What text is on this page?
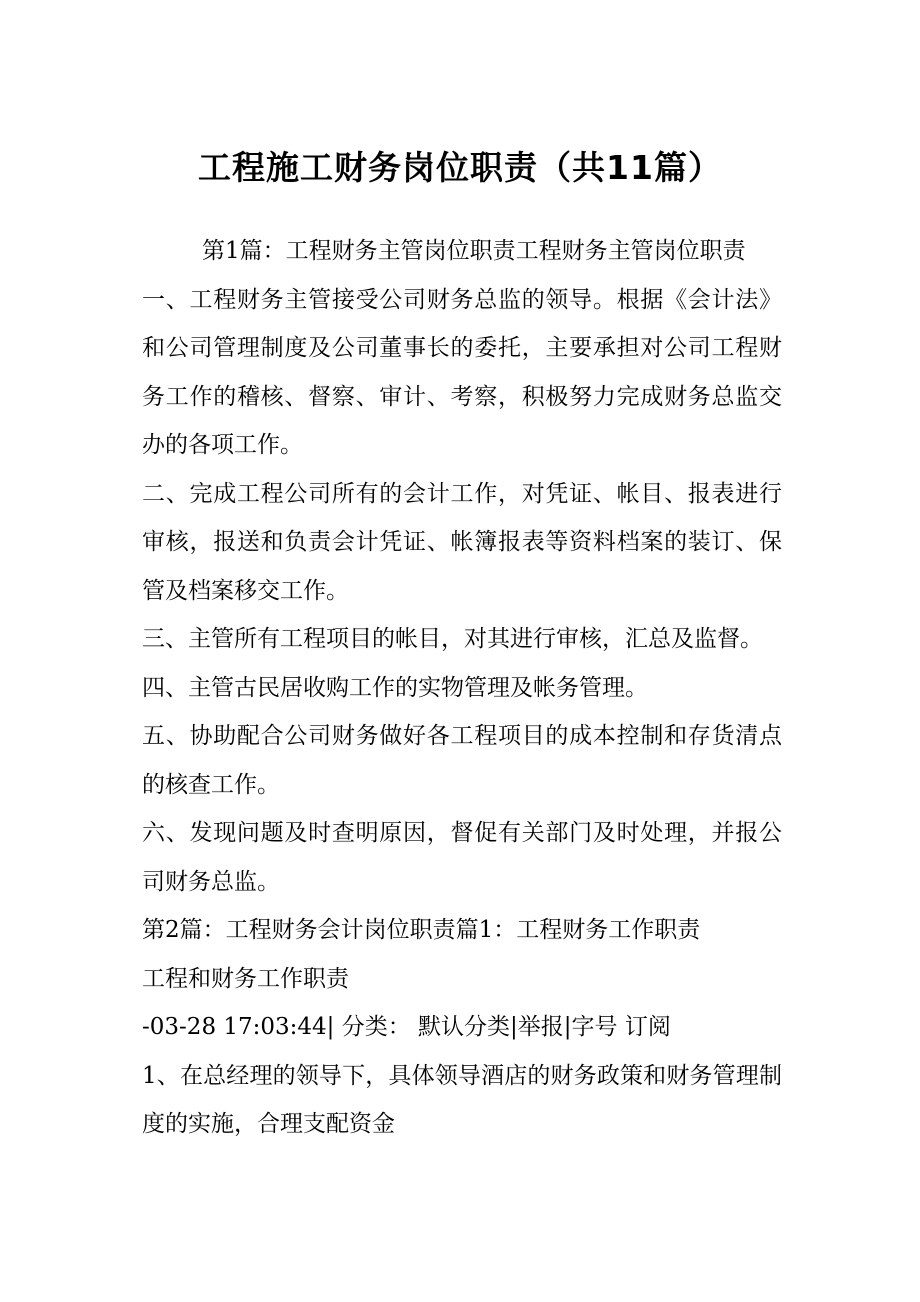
工程施工财务岗位职责（共11篇）

第1篇：工程财务主管岗位职责工程财务主管岗位职责

一、工程财务主管接受公司财务总监的领导。根据《会计法》和公司管理制度及公司董事长的委托，主要承担对公司工程财务工作的稽核、督察、审计、考察，积极努力完成财务总监交办的各项工作。

二、完成工程公司所有的会计工作，对凭证、帐目、报表进行审核，报送和负责会计凭证、帐簿报表等资料档案的装订、保管及档案移交工作。

三、主管所有工程项目的帐目，对其进行审核，汇总及监督。

四、主管古民居收购工作的实物管理及帐务管理。

五、协助配合公司财务做好各工程项目的成本控制和存货清点的核查工作。

六、发现问题及时查明原因，督促有关部门及时处理，并报公司财务总监。

第2篇：工程财务会计岗位职责篇1：工程财务工作职责

工程和财务工作职责

-03-28 17:03:44| 分类： 默认分类|举报|字号 订阅

1、在总经理的领导下，具体领导酒店的财务政策和财务管理制度的实施，合理支配资金
